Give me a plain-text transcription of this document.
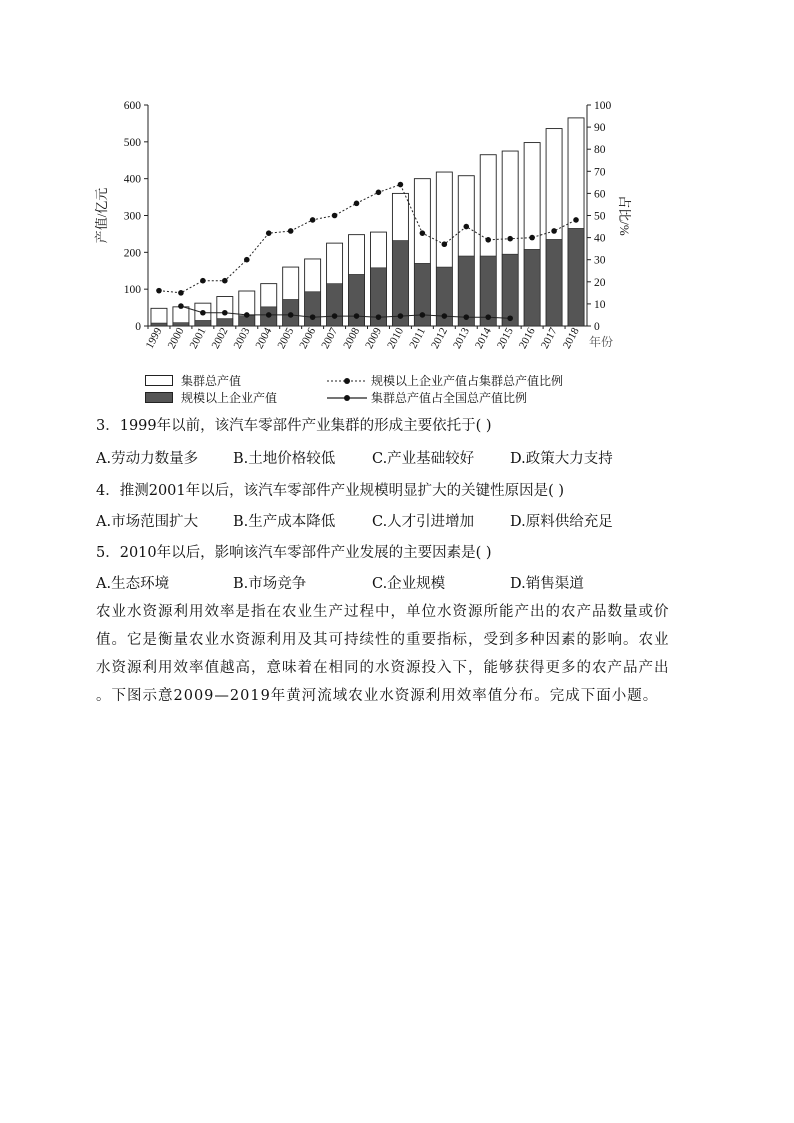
0
100
200
300
400
500
600
0
10
20
30
40
50
60
70
80
90
100
1999 2000 2001 2002 2003 2004 2005 2006 2007 2008 2009 2010 2011 2012 2013 2014 2015 2016 2017 2018 年份
产值/亿元	占比/%
集群总产值
规模以上企业产值
规模以上企业产值占集群总产值比例
集群总产值占全国总产值比例
3．1999年以前，该汽车零部件产业集群的形成主要依托于( )
A.劳动力数量多 B.土地价格较低	C.产业基础较好 D.政策大力支持
4．推测2001年以后，该汽车零部件产业规模明显扩大的关键性原因是( )
A.市场范围扩大 B.生产成本降低	C.人才引进增加 D.原料供给充足
5．2010年以后，影响该汽车零部件产业发展的主要因素是( )
A.生态环境	B.市场竞争	C.企业规模	D.销售渠道
农业水资源利用效率是指在农业生产过程中，单位水资源所能产出的农产品数量或价
值。它是衡量农业水资源利用及其可持续性的重要指标，受到多种因素的影响。农业
水资源利用效率值越高，意味着在相同的水资源投入下，能够获得更多的农产品产出
。下图示意2009—2019年黄河流域农业水资源利用效率值分布。完成下面小题。
